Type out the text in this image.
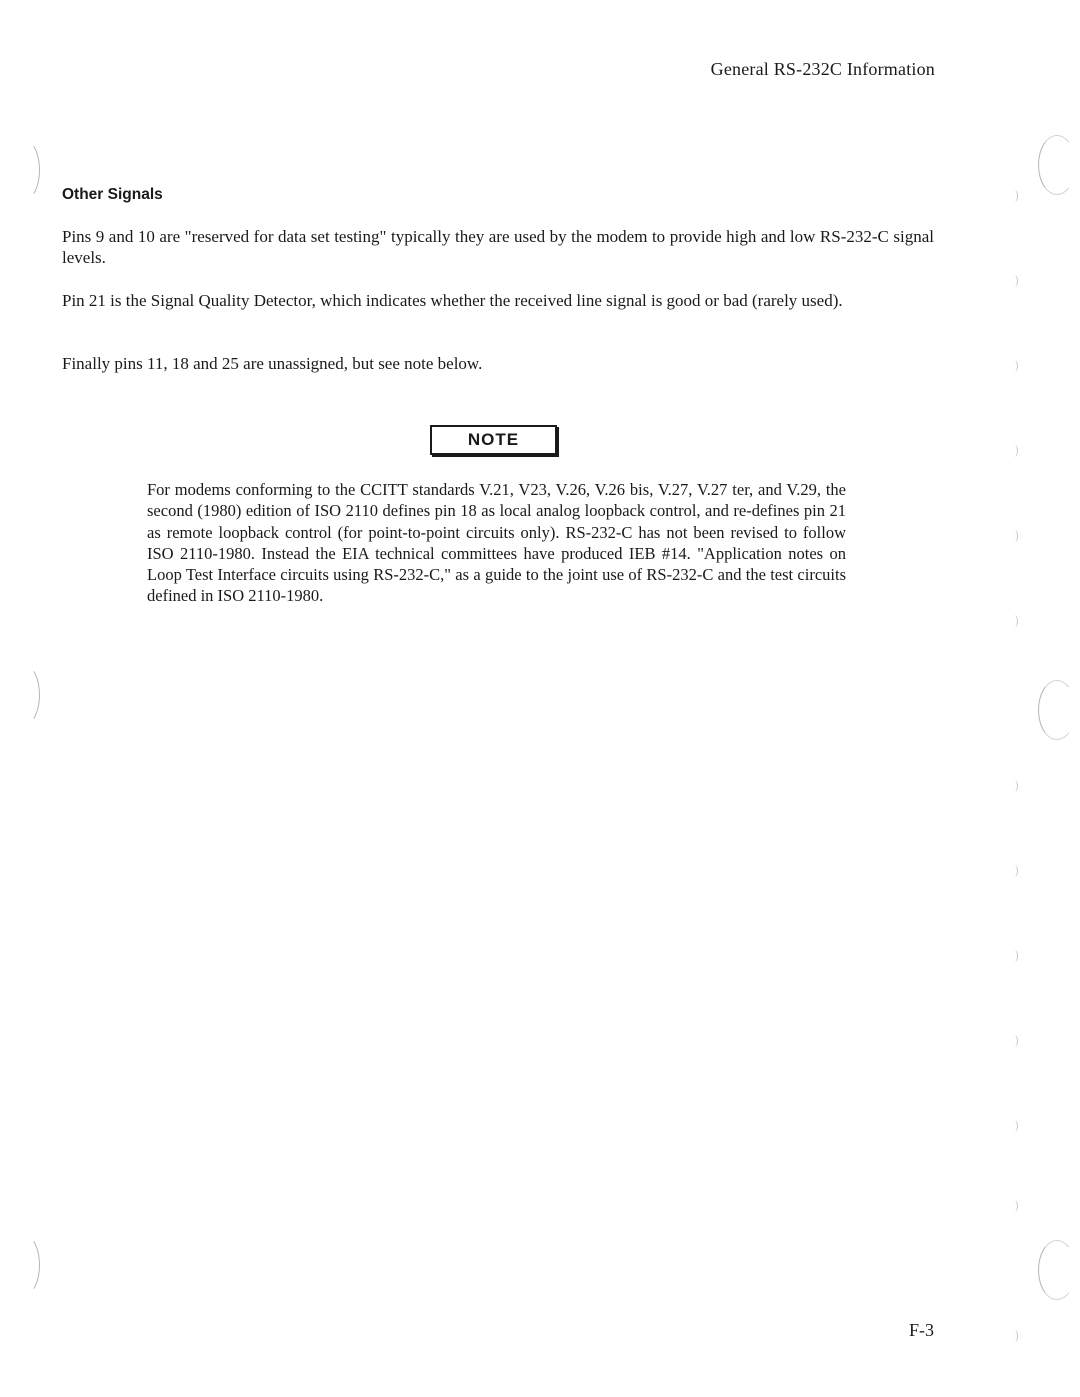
General RS-232C Information
Other Signals

Pins 9 and 10 are "reserved for data set testing" typically they are used by the modem to provide high and low RS-232-C signal levels.

Pin 21 is the Signal Quality Detector, which indicates whether the received line signal is good or bad (rarely used).

Finally pins 11, 18 and 25 are unassigned, but see note below.

NOTE

For modems conforming to the CCITT standards V.21, V23, V.26, V.26 bis, V.27, V.27 ter, and V.29, the second (1980) edition of ISO 2110 defines pin 18 as local analog loopback control, and re-defines pin 21 as remote loopback control (for point-to-point circuits only). RS-232-C has not been revised to follow ISO 2110-1980. Instead the EIA technical committees have produced IEB #14. "Application notes on Loop Test Interface circuits using RS-232-C," as a guide to the joint use of RS-232-C and the test circuits defined in ISO 2110-1980.

F-3
